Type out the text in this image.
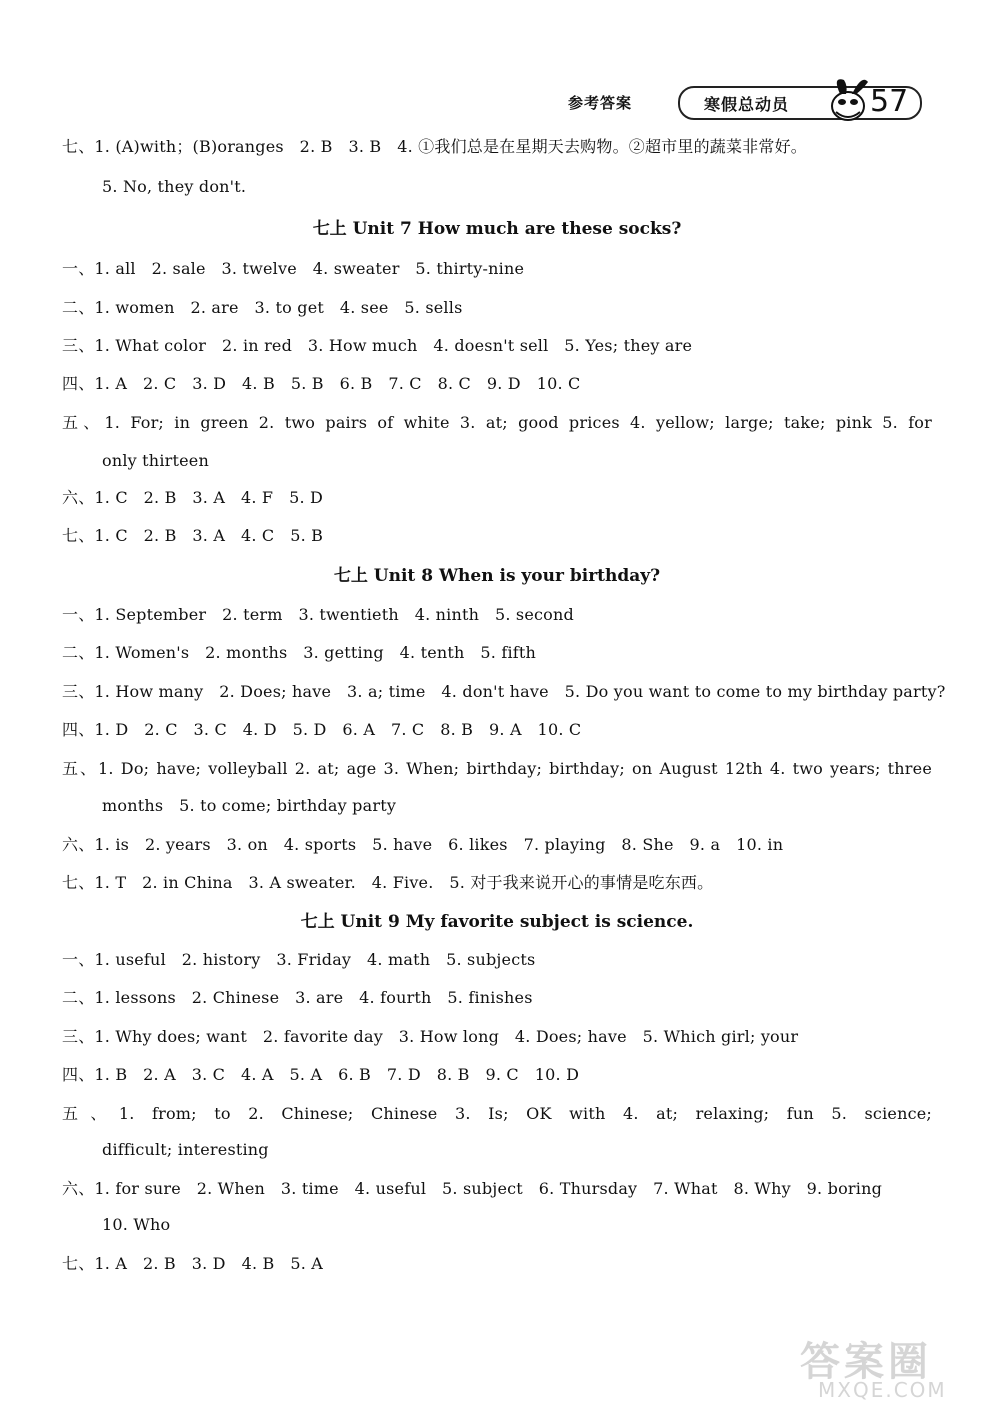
参考答案	寒假总动员	57
七、1. (A)with；(B)oranges   2. B   3. B   4. ①我们总是在星期天去购物。②超市里的蔬菜非常好。
5. No, they don't.
七上 Unit 7 How much are these socks?
一、1. all   2. sale   3. twelve   4. sweater   5. thirty-nine
二、1. women   2. are   3. to get   4. see   5. sells
三、1. What color   2. in red   3. How much   4. doesn't sell   5. Yes; they are
四、1. A   2. C   3. D   4. B   5. B   6. B   7. C   8. C   9. D   10. C
五、1. For; in green 2. two pairs of white 3. at; good prices 4. yellow; large; take; pink 5. for
only thirteen
六、1. C   2. B   3. A   4. F   5. D
七、1. C   2. B   3. A   4. C   5. B
七上 Unit 8 When is your birthday?
一、1. September   2. term   3. twentieth   4. ninth   5. second
二、1. Women's   2. months   3. getting   4. tenth   5. fifth
三、1. How many   2. Does; have   3. a; time   4. don't have   5. Do you want to come to my birthday party?
四、1. D   2. C   3. C   4. D   5. D   6. A   7. C   8. B   9. A   10. C
五、1. Do; have; volleyball 2. at; age 3. When; birthday; birthday; on August 12th 4. two years; three
months   5. to come; birthday party
六、1. is   2. years   3. on   4. sports   5. have   6. likes   7. playing   8. She   9. a   10. in
七、1. T   2. in China   3. A sweater.   4. Five.   5. 对于我来说开心的事情是吃东西。
七上 Unit 9 My favorite subject is science.
一、1. useful   2. history   3. Friday   4. math   5. subjects
二、1. lessons   2. Chinese   3. are   4. fourth   5. finishes
三、1. Why does; want   2. favorite day   3. How long   4. Does; have   5. Which girl; your
四、1. B   2. A   3. C   4. A   5. A   6. B   7. D   8. B   9. C   10. D
五、1. from; to 2. Chinese; Chinese 3. Is; OK with 4. at; relaxing; fun 5. science;
difficult; interesting
六、1. for sure   2. When   3. time   4. useful   5. subject   6. Thursday   7. What   8. Why   9. boring
10. Who
七、1. A   2. B   3. D   4. B   5. A
答案圈
MXQE.COM
